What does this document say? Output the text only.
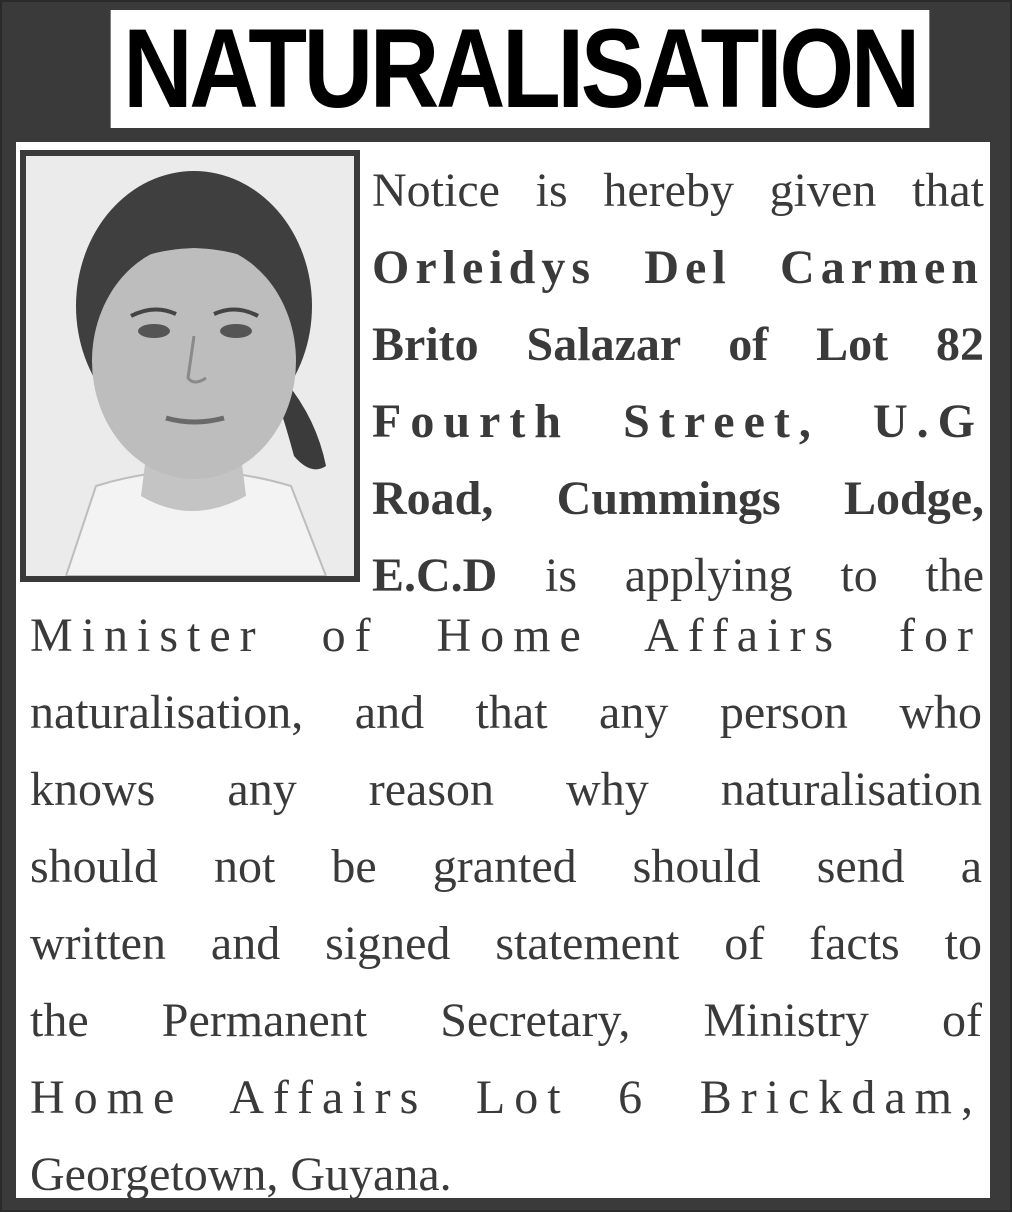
NATURALISATION
Notice is hereby given that
Orleidys Del Carmen
Brito Salazar of Lot 82
Fourth Street, U.G
Road, Cummings Lodge,
E.C.D is applying to the
Minister of Home Affairs for
naturalisation, and that any person who
knows any reason why naturalisation
should not be granted should send a
written and signed statement of facts to
the Permanent Secretary, Ministry of
Home Affairs Lot 6 Brickdam,
Georgetown, Guyana.
